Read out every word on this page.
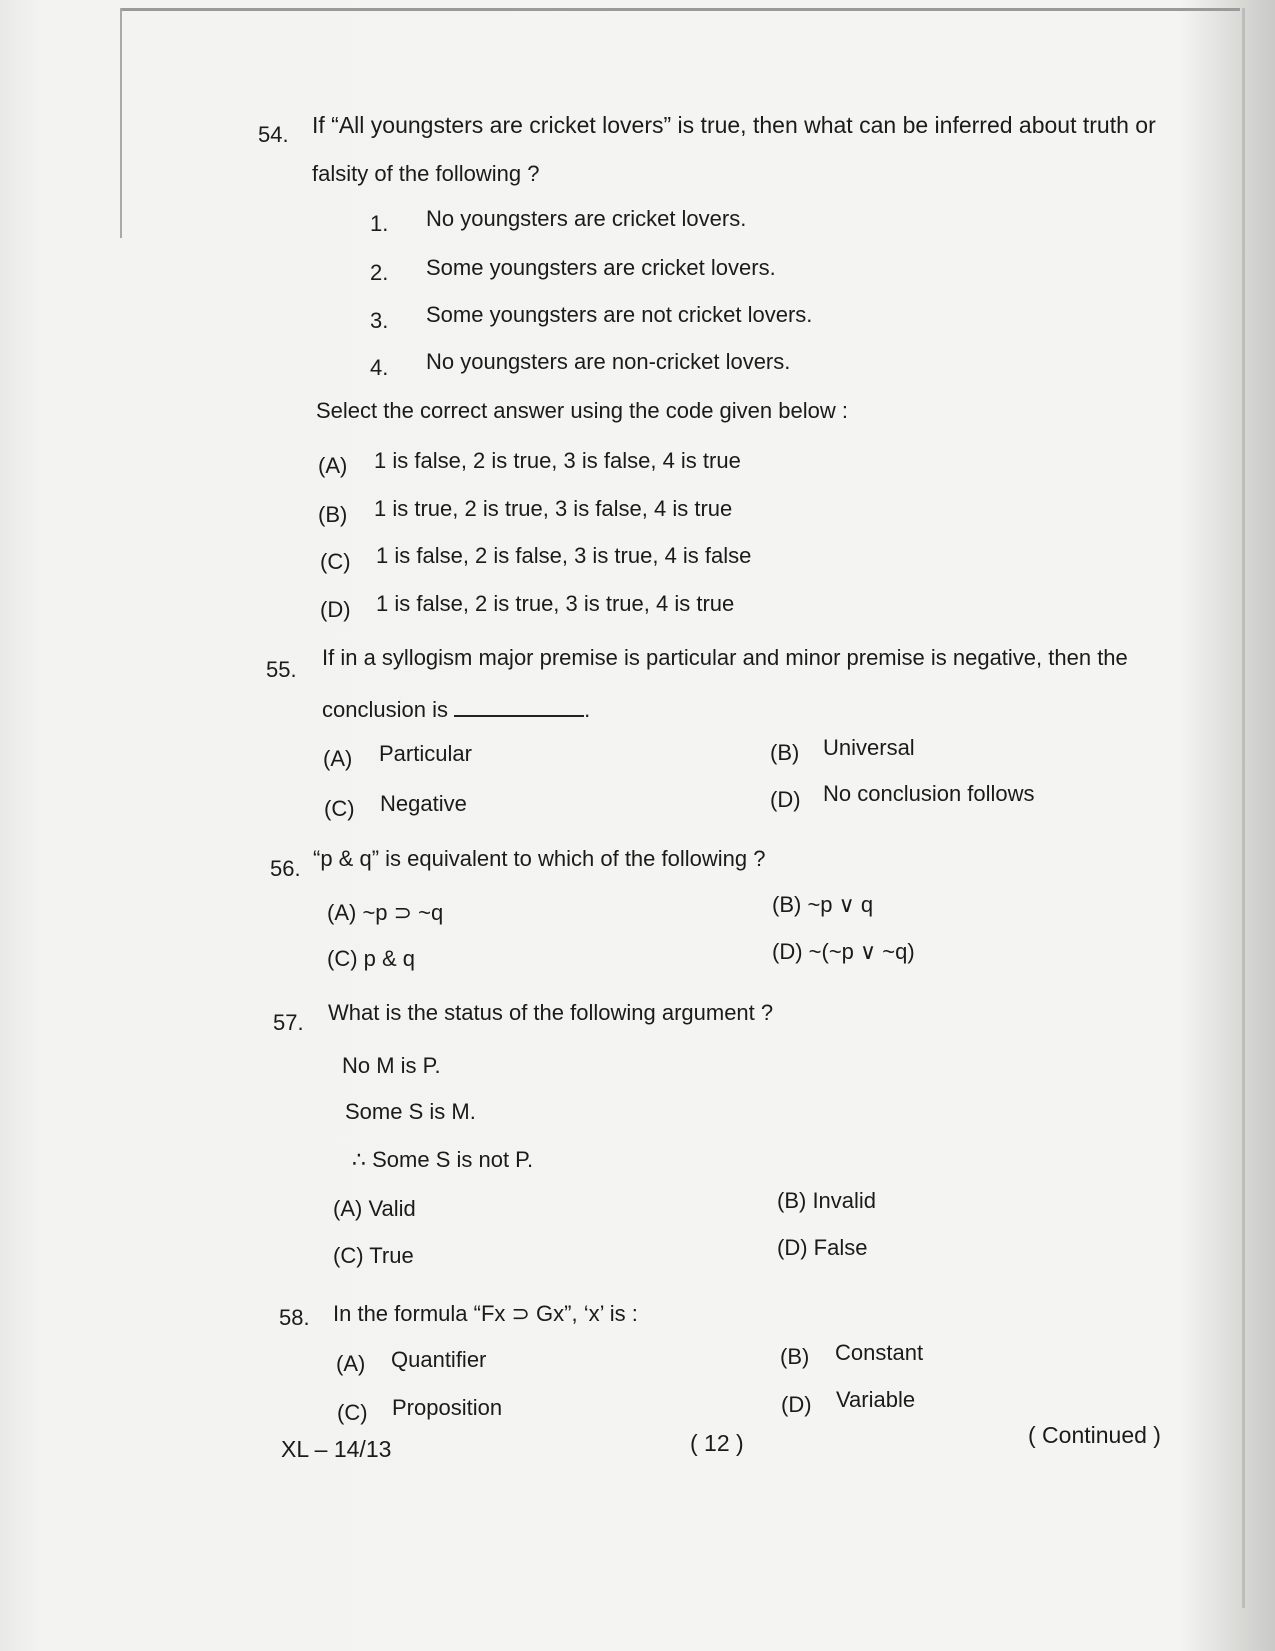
54. If “All youngsters are cricket lovers” is true, then what can be inferred about truth or
falsity of the following ?
1. No youngsters are cricket lovers.
2. Some youngsters are cricket lovers.
3. Some youngsters are not cricket lovers.
4. No youngsters are non-cricket lovers.
Select the correct answer using the code given below :
(A) 1 is false, 2 is true, 3 is false, 4 is true
(B) 1 is true, 2 is true, 3 is false, 4 is true
(C) 1 is false, 2 is false, 3 is true, 4 is false
(D) 1 is false, 2 is true, 3 is true, 4 is true
55. If in a syllogism major premise is particular and minor premise is negative, then the
conclusion is	.
(A) Particular	(B) Universal
(C) Negative	(D) No conclusion follows
56. “p & q” is equivalent to which of the following ?
(A) ~p ⊃ ~q	(B) ~p ∨ q
(C) p & q	(D) ~(~p ∨ ~q)
57. What is the status of the following argument ?
No M is P.
Some S is M.
∴ Some S is not P.
(A) Valid	(B) Invalid
(C) True	(D) False
58. In the formula “Fx ⊃ Gx”, ‘x’ is :
(A) Quantifier	(B) Constant
(C) Proposition	(D) Variable
XL – 14/13	( 12 )	( Continued )
